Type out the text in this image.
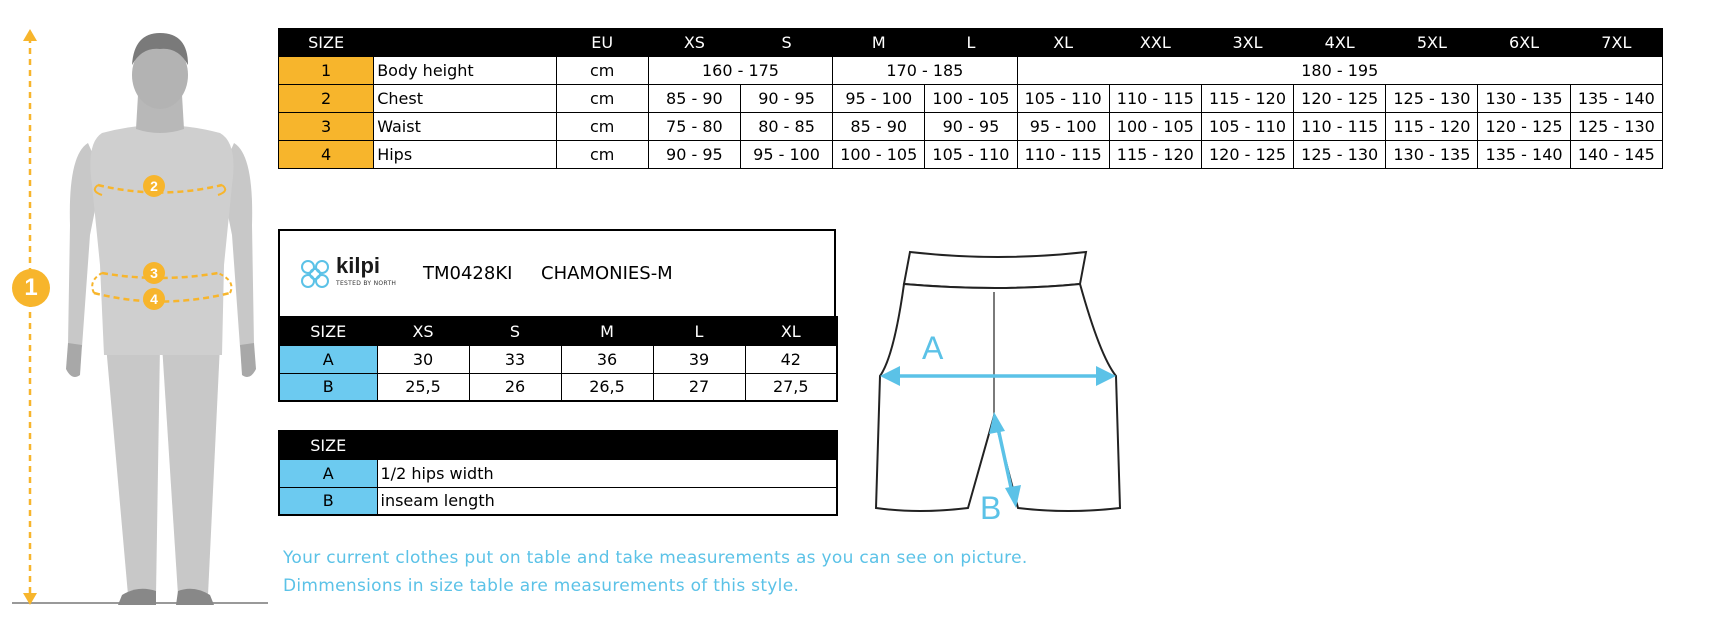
1
2
3
4
SIZE		EU	XS	S	M	L	XL	XXL	3XL	4XL	5XL	6XL	7XL
1	Body height	cm	160 - 175		170 - 185		180 - 195						
2	Chest	cm	85 - 90	90 - 95	95 - 100	100 - 105	105 - 110	110 - 115	115 - 120	120 - 125	125 - 130	130 - 135	135 - 140
3	Waist	cm	75 - 80	80 - 85	85 - 90	90 - 95	95 - 100	100 - 105	105 - 110	110 - 115	115 - 120	120 - 125	125 - 130
4	Hips	cm	90 - 95	95 - 100	100 - 105	105 - 110	110 - 115	115 - 120	120 - 125	125 - 130	130 - 135	135 - 140	140 - 145
kilpi
TESTED BY NORTH TM0428KI CHAMONIES-M
SIZE	XS	S	M	L	XL
A	30	33	36	39	42
B	25,5	26	26,5	27	27,5
SIZE	
A	1/2 hips width
B	inseam length
A
B
Your current clothes put on table and take measurements as you can see on picture.
Dimmensions in size table are measurements of this style.
